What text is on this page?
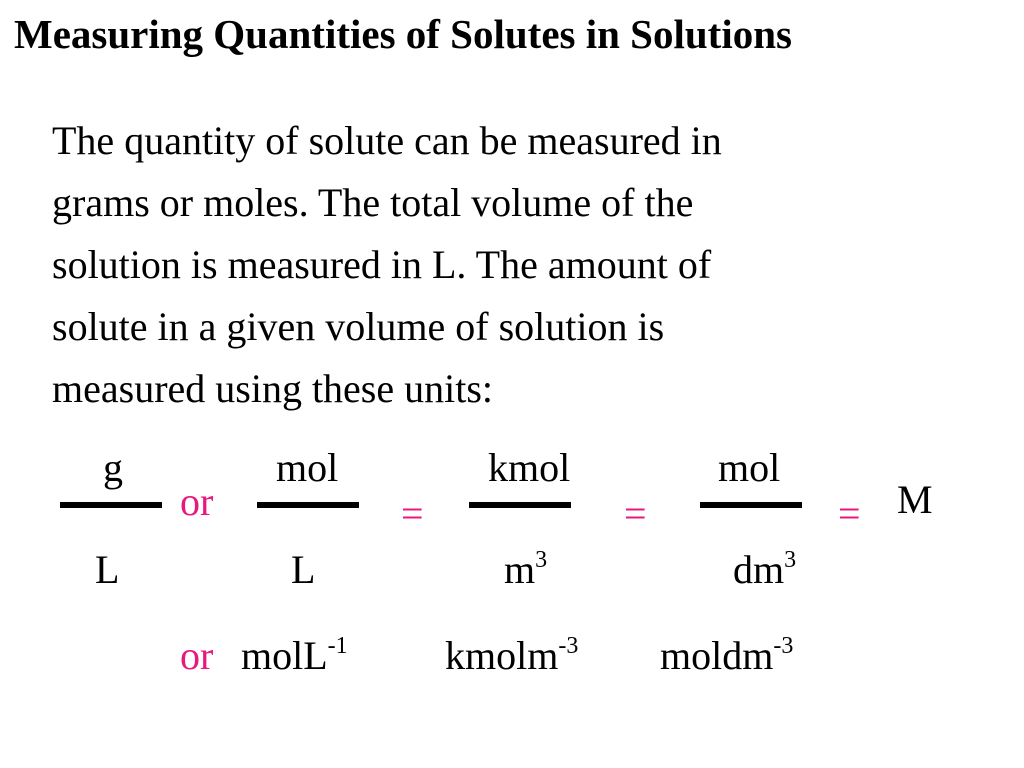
Measuring Quantities of Solutes in Solutions
The quantity of solute can be measured in
grams or moles. The total volume of the
solution is measured in L. The amount of
solute in a given volume of solution is
measured using these units:
g
L
or
mol
L
=
kmol
$m^3$
=
mol
$dm^3$
= M
or molL$^{-1}$ kmolm$^{-3}$ moldm$^{-3}$
